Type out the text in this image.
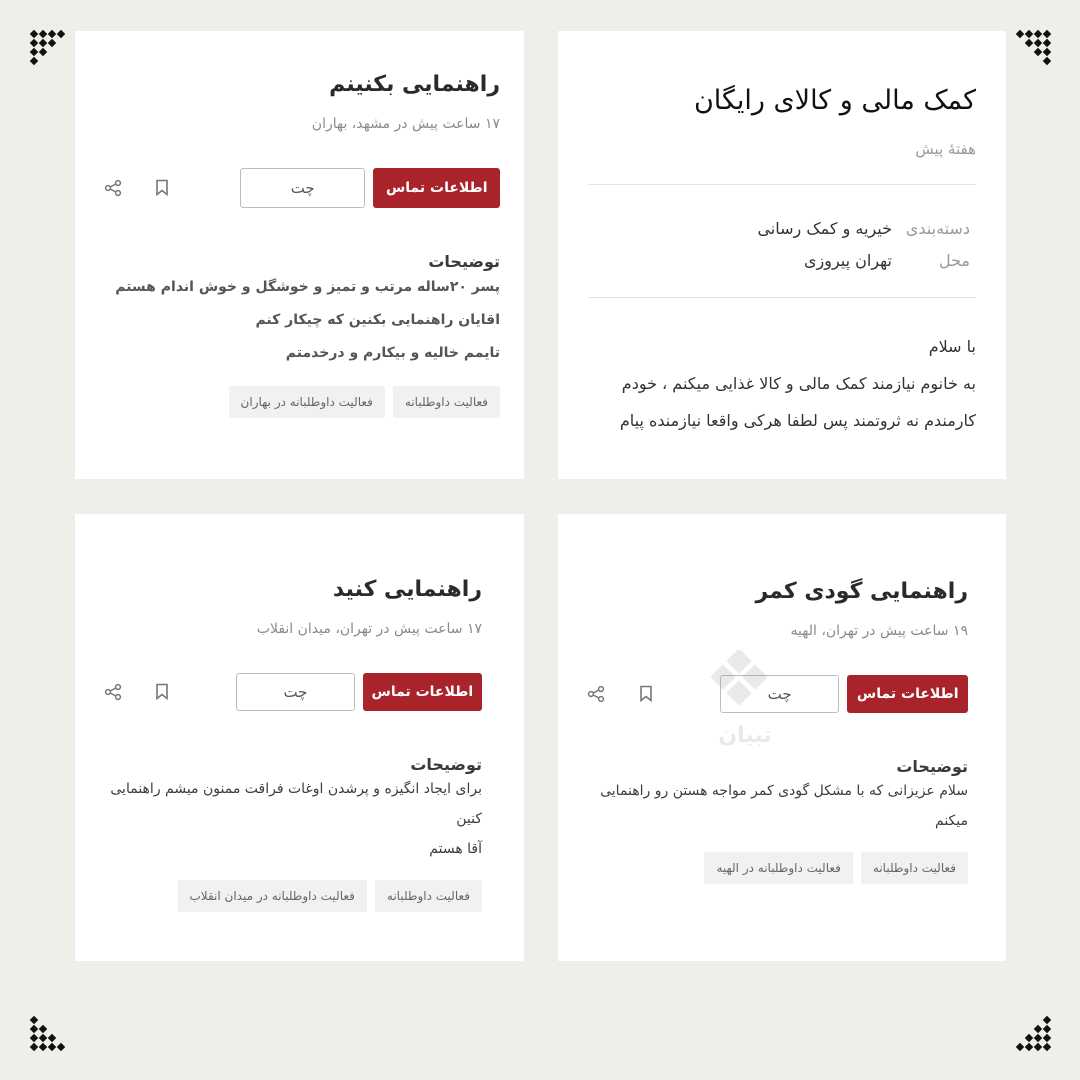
راهنمایی بکنینم
۱۷ ساعت پیش در مشهد، بهاران
اطلاعات تماس
چت
توضیحات
پسر ۲۰ساله مرتب و تمیز و خوشگل و خوش اندام هستم
اقایان راهنمایی بکنین که چیکار کنم
تایمم خالیه و بیکارم و درخدمتم
فعالیت داوطلبانه
فعالیت داوطلبانه در بهاران
کمک مالی و کالای رایگان
هفتهٔ پیش
دسته‌بندی
خیریه و کمک رسانی
محل
تهران پیروزی
با سلام
به خانوم نیازمند کمک مالی و کالا غذایی میکنم ، خودم
کارمندم نه ثروتمند پس لطفا هرکی واقعا نیازمنده پیام
راهنمایی کنید
۱۷ ساعت پیش در تهران، میدان انقلاب
اطلاعات تماس
چت
توضیحات
برای ایجاد انگیزه و پرشدن اوغات فراقت ممنون میشم راهنمایی
کنین
آقا هستم
فعالیت داوطلبانه
فعالیت داوطلبانه در میدان انقلاب
راهنمایی گودی کمر
۱۹ ساعت پیش در تهران، الهیه
اطلاعات تماس
چت
توضیحات
سلام عزیزانی که با مشکل گودی کمر مواجه هستن رو راهنمایی
میکنم
فعالیت داوطلبانه
فعالیت داوطلبانه در الهیه
تبیان
